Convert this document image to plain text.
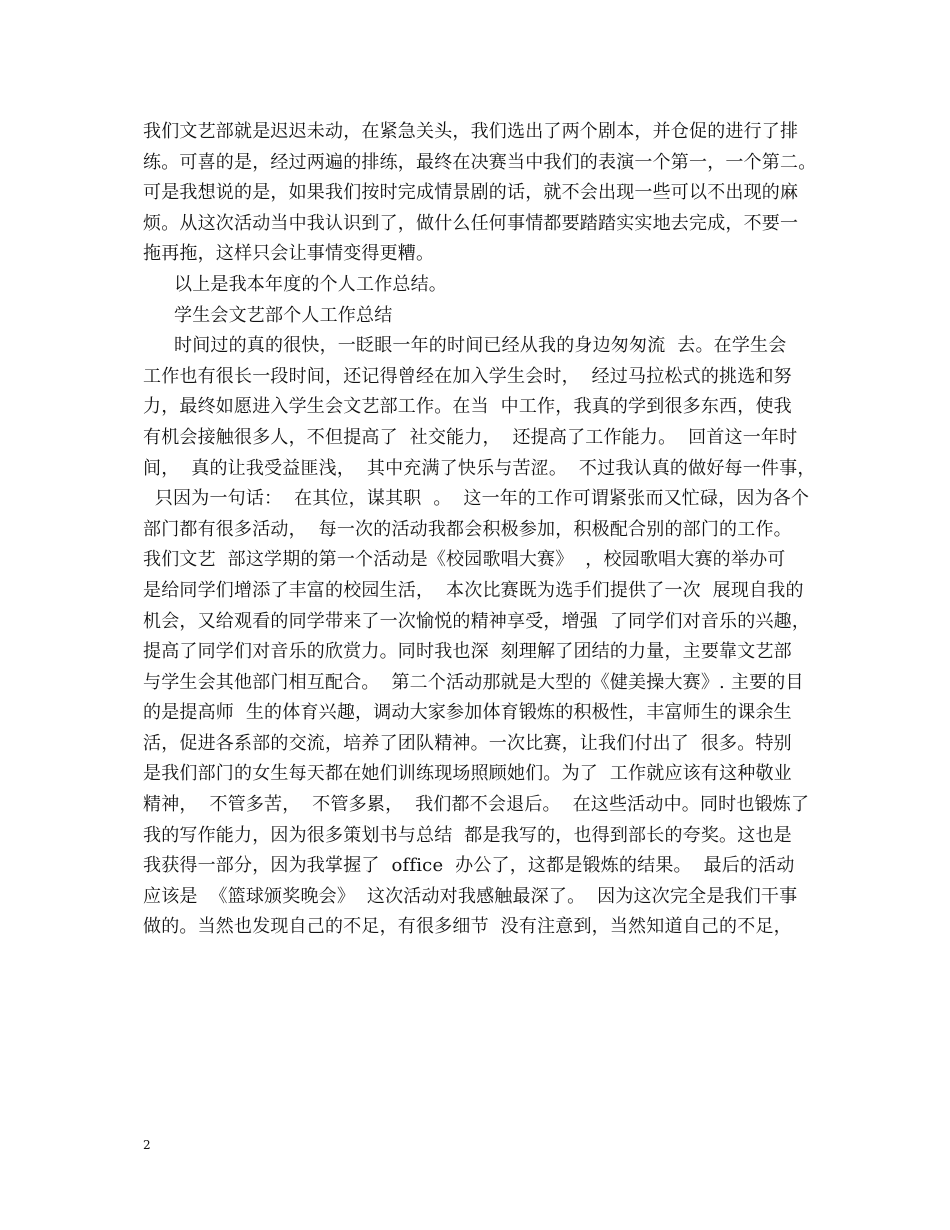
我们文艺部就是迟迟未动，在紧急关头，我们选出了两个剧本，并仓促的进行了排
练。可喜的是，经过两遍的排练，最终在决赛当中我们的表演一个第一，一个第二。
可是我想说的是，如果我们按时完成情景剧的话，就不会出现一些可以不出现的麻
烦。从这次活动当中我认识到了，做什么任何事情都要踏踏实实地去完成，不要一
拖再拖，这样只会让事情变得更糟。
以上是我本年度的个人工作总结。
学生会文艺部个人工作总结
时间过的真的很快，一眨眼一年的时间已经从我的身边匆匆流  去。在学生会
工作也有很长一段时间，还记得曾经在加入学生会时，  经过马拉松式的挑选和努
力，最终如愿进入学生会文艺部工作。在当  中工作，我真的学到很多东西，使我
有机会接触很多人，不但提高了  社交能力，  还提高了工作能力。  回首这一年时
间，  真的让我受益匪浅，  其中充满了快乐与苦涩。  不过我认真的做好每一件事，
只因为一句话：  在其位，谋其职  。  这一年的工作可谓紧张而又忙碌，因为各个
部门都有很多活动，  每一次的活动我都会积极参加，积极配合别的部门的工作。
我们文艺  部这学期的第一个活动是《校园歌唱大赛》  ，校园歌唱大赛的举办可
是给同学们增添了丰富的校园生活，  本次比赛既为选手们提供了一次  展现自我的
机会，又给观看的同学带来了一次愉悦的精神享受，增强  了同学们对音乐的兴趣，
提高了同学们对音乐的欣赏力。同时我也深  刻理解了团结的力量，主要靠文艺部
与学生会其他部门相互配合。  第二个活动那就是大型的《健美操大赛》. 主要的目
的是提高师  生的体育兴趣，调动大家参加体育锻炼的积极性，丰富师生的课余生
活，促进各系部的交流，培养了团队精神。一次比赛，让我们付出了  很多。特别
是我们部门的女生每天都在她们训练现场照顾她们。为了  工作就应该有这种敬业
精神，  不管多苦，  不管多累，  我们都不会退后。  在这些活动中。同时也锻炼了
我的写作能力，因为很多策划书与总结  都是我写的，也得到部长的夸奖。这也是
我获得一部分，因为我掌握了  office  办公了，这都是锻炼的结果。  最后的活动
应该是  《篮球颁奖晚会》  这次活动对我感触最深了。  因为这次完全是我们干事
做的。当然也发现自己的不足，有很多细节  没有注意到，当然知道自己的不足，
2
